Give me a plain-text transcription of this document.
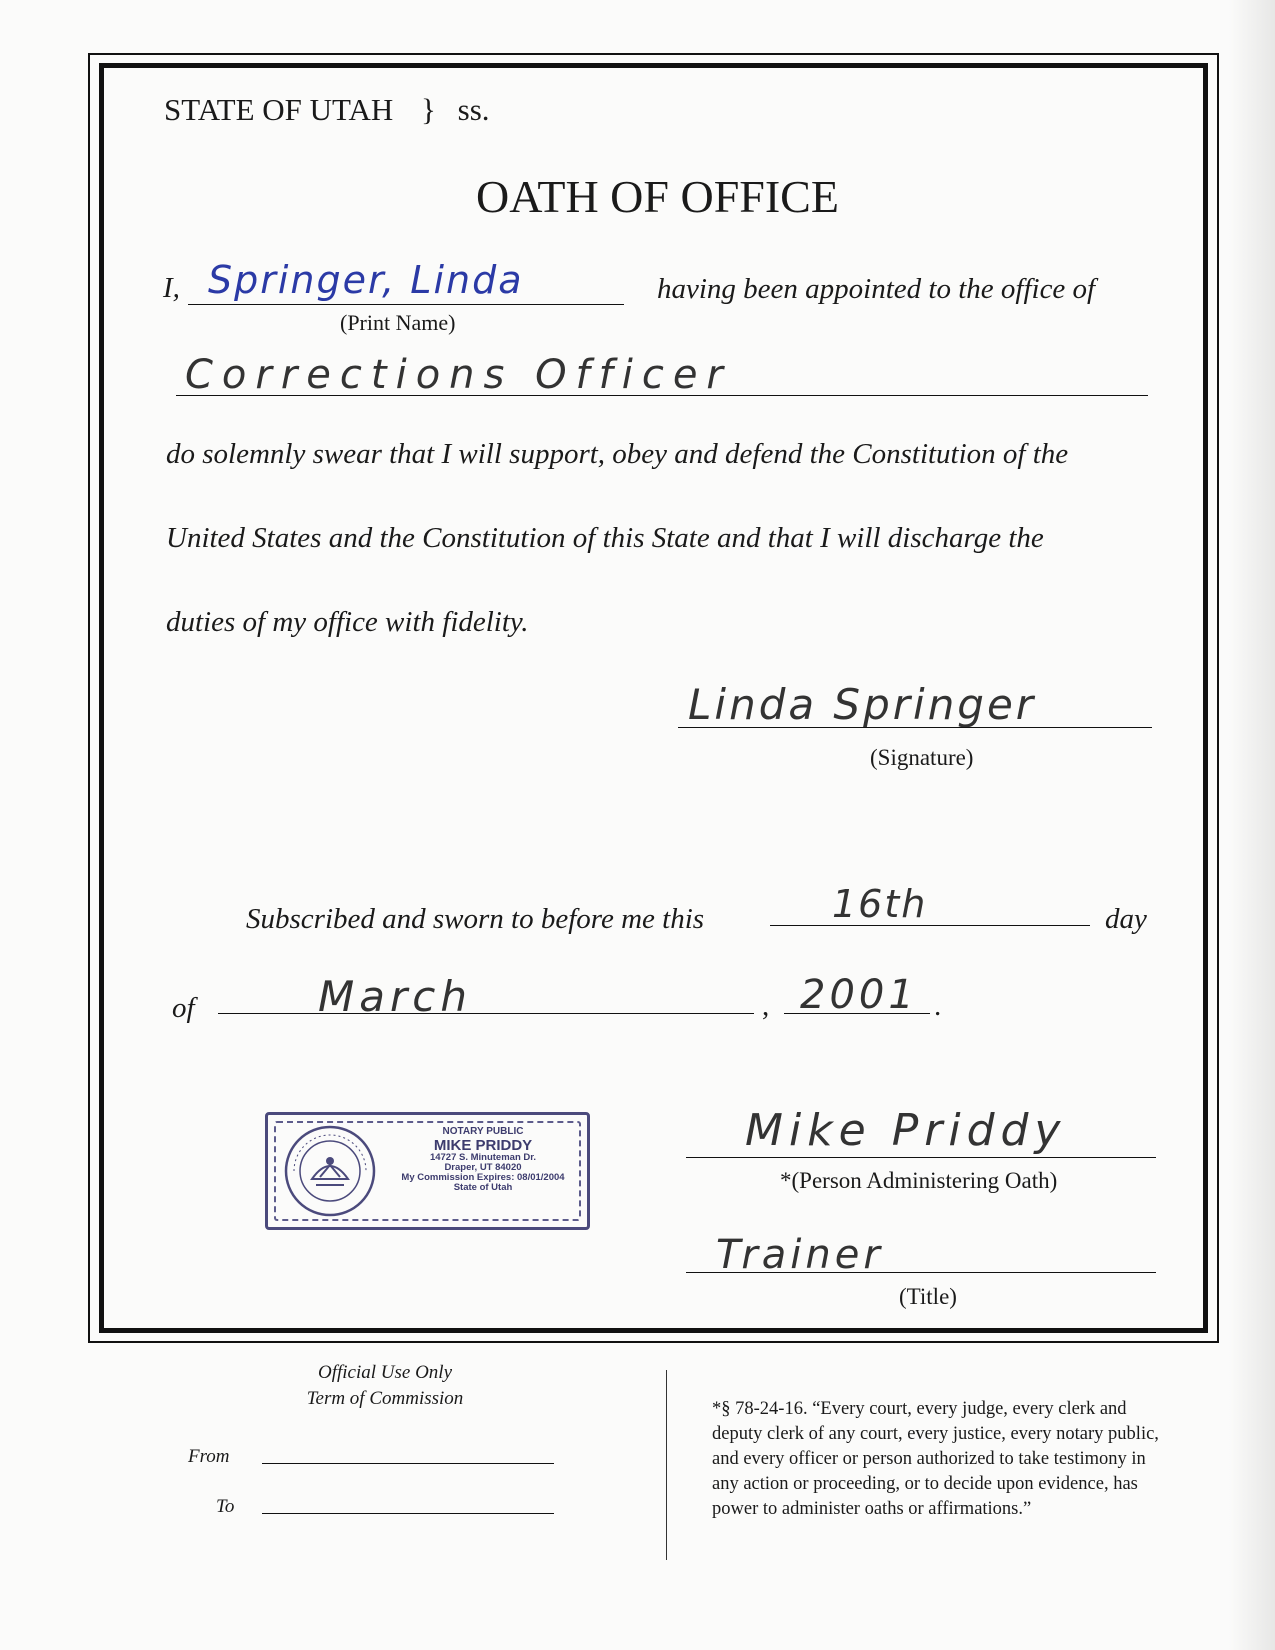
STATE OF UTAH } ss.
OATH OF OFFICE
I, Springer, Linda
(Print Name)
having been appointed to the office of
Corrections Officer
do solemnly swear that I will support, obey and defend the Constitution of the
United States and the Constitution of this State and that I will discharge the
duties of my office with fidelity.
Linda Springer
(Signature)
Subscribed and sworn to before me this	16th	day
of	March	, 2001 .
NOTARY PUBLIC
MIKE PRIDDY
14727 S. Minuteman Dr.
Draper, UT 84020
My Commission Expires: 08/01/2004
State of Utah
Mike Priddy
*(Person Administering Oath)
Trainer
(Title)
Official Use Only
Term of Commission
From
To
*§ 78-24-16. “Every court, every judge, every clerk and
deputy clerk of any court, every justice, every notary public,
and every officer or person authorized to take testimony in
any action or proceeding, or to decide upon evidence, has
power to administer oaths or affirmations.”
